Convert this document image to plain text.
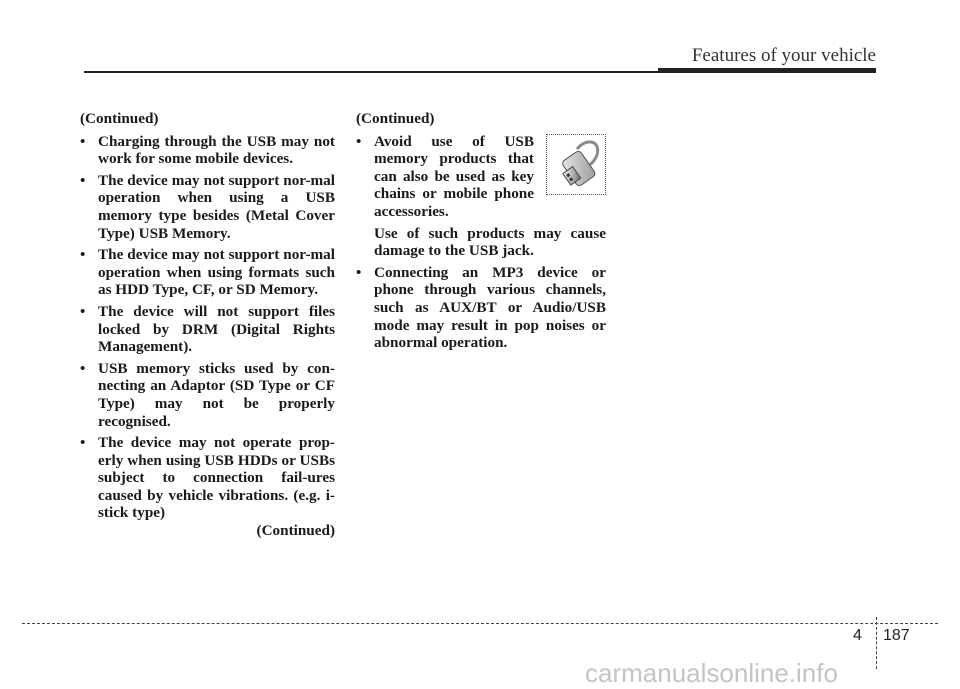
Features of your vehicle

(Continued)

• Charging through the USB may not work for some mobile devices.
• The device may not support nor-mal operation when using a USB memory type besides (Metal Cover Type) USB Memory.
• The device may not support nor-mal operation when using formats such as HDD Type, CF, or SD Memory.
• The device will not support files locked by DRM (Digital Rights Management).
• USB memory sticks used by con-necting an Adaptor (SD Type or CF Type) may not be properly recognised.
• The device may not operate prop-erly when using USB HDDs or USBs subject to connection fail-ures caused by vehicle vibrations. (e.g. i-stick type)

(Continued)

(Continued)

• Avoid use of USB memory products that can also be used as key chains or mobile phone accessories.

Use of such products may cause damage to the USB jack.

• Connecting an MP3 device or phone through various channels, such as AUX/BT or Audio/USB mode may result in pop noises or abnormal operation.
4 187
carmanualsonline.info
